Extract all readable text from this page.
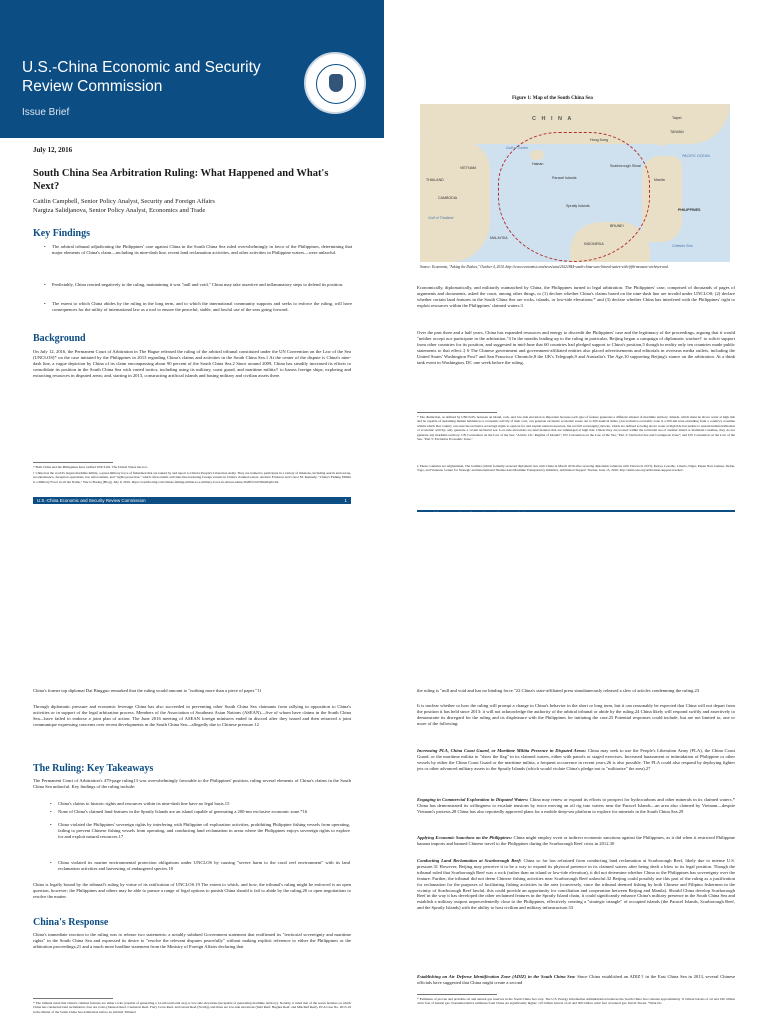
U.S.-China Economic and Security Review Commission
Issue Brief
July 12, 2016
South China Sea Arbitration Ruling: What Happened and What's Next?
Caitlin Campbell, Senior Policy Analyst, Security and Foreign Affairs
Nargiza Salidjanova, Senior Policy Analyst, Economics and Trade
Key Findings
• The arbitral tribunal adjudicating the Philippines' case against China in the South China Sea ruled overwhelmingly in favor of the Philippines, determining that major elements of China's claim—including its nine-dash line, recent land reclamation activities, and other activities in Philippine waters—were unlawful.
• Predictably, China reacted negatively to the ruling, maintaining it was "null and void." China may take assertive and inflammatory steps to defend its position.
• The extent to which China abides by the ruling in the long term, and to which the international community supports and seeks to enforce the ruling, will have consequences for the utility of international law as a tool to ensure the peaceful, stable, and lawful use of the seas going forward.
Background
On July 12, 2016, the Permanent Court of Arbitration in The Hague released the ruling of the arbitral tribunal constituted under the UN Convention on the Law of the Sea (UNCLOS)* on the case initiated by the Philippines in 2013 regarding China's claims and activities in the South China Sea.1 At the center of the dispute is China's nine-dash line, a vague depiction by China of its claim encompassing about 90 percent of the South China Sea.2 Since around 2009, China has steadily increased its efforts to consolidate its position in the South China Sea with varied tactics, including using its military, coast guard, and maritime militia† to harass foreign ships; exploring and extracting resources in disputed areas; and, starting in 2013, constructing artificial islands and basing military and civilian assets there.
* Both China and the Philippines have ratified UNCLOS. The United States has not.
† China has the world's largest maritime militia, a quasi-military force of fishermen that are tasked by and report to China's People's Liberation Army. They are trained to participate in a variety of missions, including search and rescue, reconnaissance, deception operations, law enforcement, and "rights protection," which often entails activities like harassing foreign vessels in China's claimed waters. Andrew Erickson and Conor M. Kennedy, "China's Fishing Militia is a Military Force in all but Name," War is Boring (Blog), July 9, 2016. https://warisboring.com/chinas-fishing-militia-is-a-military-force-in-all-but-name-5026f5cbd7d6#e8q2b104.
U.S.-China Economic and Security Review Commission	1
Figure 1: Map of the South China Sea
C H I N A
TAIWAN
Taipei
Hong Kong
Hainan
Gulf of Tonkin
VIETNAM
THAILAND
CAMBODIA
Gulf of Thailand
Paracel Islands
Scarborough Shoal
Manila
PACIFIC OCEAN
Spratly Islands
PHILIPPINES
BRUNEI
MALAYSIA
INDONESIA	Celebes Sea
Source: Economist, "Asking the Dashes," October 4, 2014. http://www.economist.com/news/asia/21621844-south-china-seas-littoral-states-with-fifth-measure-archives-and.
Economically, diplomatically, and militarily outmatched by China, the Philippines turned to legal arbitration. The Philippines' case, comprised of thousands of pages of arguments and documents, asked the court, among other things, to (1) declare whether China's claims based on the nine-dash line are invalid under UNCLOS; (2) declare whether certain land features in the South China Sea are rocks, islands, or low-tide elevations;* and (3) declare whether China has interfered with the Philippines' right to exploit resources within the Philippines' claimed waters.3
Over the past three and a half years, China has expanded resources and energy to discredit the Philippines' case and the legitimacy of the proceedings, arguing that it would "neither accept nor participate in the arbitration."4 In the months leading up to the ruling in particular, Beijing began a campaign of diplomatic warfare† to solicit support from other countries for its position, and suggested in mid-June that 60 countries had pledged support to China's position,5 though in reality only ten countries made public statements to that effect.‡ 6 The Chinese government and government-affiliated entities also placed advertisements and editorials in overseas media outlets, including the United States' Washington Post7 and San Francisco Chronicle,8 the UK's Telegraph,9 and Australia's The Age,10 supporting Beijing's stance on the arbitration. At a think tank event in Washington, DC one week before the ruling,
* The distinction, as defined by UNCLOS, between an island, rock, and low-tide elevation is important because each type of feature generates a different amount of maritime territory. Islands, which must be above water at high tide and be capable of sustaining human habitation or economic activity of their own, can generate exclusive economic zones out to 200 nautical miles. (An exclusive economic zone is a 200-nm zone extending from a country's coastline within which that country can exercise exclusive sovereign rights to explore for and exploit natural resources, but not full sovereignty.) Rocks, which are defined as being above water at high tide but unable to sustain human habitation or economic activity, only generate a 12-nm territorial sea. Low-tide elevations are land features that are submerged at high tide. Unless they are located within the territorial sea of another island or mainland coastline, they do not generate any maritime territory. UN Convention on the Law of the Sea, "Article 121: Regime of Islands"; UN Convention on the Law of the Sea, "Part 2: Territorial Sea and Contiguous Zone"; and UN Convention on the Law of the Sea, "Part 5: Exclusive Economic Zone."
‡ These countries are Afghanistan, The Gambia (which formally reversed diplomatic ties with China in March 2016 after severing diplomatic relations with Taiwan in 2013), Kenya, Lesotho, Liberia, Niger, Papua New Guinea, Sudan, Togo, and Vanuatu. Center for Strategic and International Studies Asia Maritime Transparency Initiative, Arbitration Support Tracker, June 15, 2016. http://amti.csis.org/arbitration-support-tracker/.
China's former top diplomat Dai Bingguo remarked that the ruling would amount to "nothing more than a piece of paper."11
Through diplomatic pressure and economic leverage China has also succeeded in preventing other South China Sea claimants from rallying in opposition to China's activities or in support of the legal arbitration process. Members of the Association of Southeast Asian Nations (ASEAN)—five of whom have claims in the South China Sea—have failed to endorse a joint plan of action. The June 2016 meeting of ASEAN foreign ministers ended in discord after they issued and then retracted a joint communique expressing concerns over recent developments in the South China Sea—allegedly due to Chinese pressure.12
The Ruling: Key Takeaways
The Permanent Court of Arbitration's 479-page ruling13 was overwhelmingly favorable to the Philippines' position, ruling several elements of China's claims in the South China Sea unlawful. Key findings of the ruling include:
• China's claims to historic rights and resources within its nine-dash line have no legal basis.15
• None of China's claimed land features in the Spratly Islands are an island capable of generating a 200-nm exclusive economic zone.*16
• China violated the Philippines' sovereign rights by interfering with Philippine oil exploration activities, prohibiting Philippine fishing vessels from operating, failing to prevent Chinese fishing vessels from operating, and conducting land reclamation in areas where the Philippines enjoys sovereign rights to explore for and exploit natural resources.17
• China violated its marine environmental protection obligations under UNCLOS by causing "severe harm to the coral reef environment" with its land reclamation activities and harvesting of endangered species.18
China is legally bound by the tribunal's ruling by virtue of its ratification of UNCLOS.19 The extent to which, and how, the tribunal's ruling might be enforced is an open question, however; the Philippines and others may be able to pursue a range of legal options to punish China should it fail to abide by the ruling,20 or open negotiations to resolve the matter.
China's Response
China's immediate reaction to the ruling was to release two statements: a notably subdued Government statement that reaffirmed its "territorial sovereignty and maritime rights" in the South China Sea and expressed its desire to "resolve the relevant disputes peacefully" without making explicit reference to either the Philippines or the arbitration proceedings,21 and a much more hardline statement from the Ministry of Foreign Affairs declaring that
* The tribunal ruled that China's claimed features are either rocks (capable of generating a 12-nm territorial sea) or low-tide elevations (incapable of generating maritime territory). Notably, it ruled that of the seven features on which China has conducted land reclamation, four are rocks (Johnson Reef, Cuarteron Reef, Fiery Cross Reef, and Gaven Reef (North)), and three are low-tide elevations (Subi Reef, Hughes Reef, and Mischief Reef). PCA Case No. 2013-19 in the Matter of the South China Sea Arbitration before an Arbitral Tribunal
the ruling is "null and void and has no binding force."22 China's state-affiliated press simultaneously released a slew of articles condemning the ruling.23
It is unclear whether or how the ruling will prompt a change in China's behavior in the short or long term, but it can reasonably be expected that China will not depart from the position it has held since 2013: it will not acknowledge the authority of the arbitral tribunal or abide by the ruling.24 China likely will respond swiftly and assertively to demonstrate its disregard for the ruling and its displeasure with the Philippines for initiating the case.25 Potential responses could include, but are not limited to, one or more of the following:
Increasing PLA, China Coast Guard, or Maritime Militia Presence in Disputed Areas: China may seek to use the People's Liberation Army (PLA), the China Coast Guard, or the maritime militia to "show the flag" in its claimed waters, either with patrols or staged exercises. Increased harassment or intimidation of Philippine or other vessels by either the China Coast Guard or the maritime militia, a frequent occurrence in recent years,26 is also possible. The PLA could also respond by deploying fighter jets or other advanced military assets to the Spratly Islands (which would violate China's pledge not to "militarize" the area).27
Engaging in Commercial Exploration in Disputed Waters: China may renew or expand its efforts to prospect for hydrocarbons and other minerals in its claimed waters.* China has demonstrated its willingness to escalate tensions by twice moving an oil rig into waters near the Paracel Islands—an area also claimed by Vietnam—despite Vietnam's protests.28 China has also reportedly approved plans for a mobile deep-sea platform to explore for minerals in the South China Sea.29
Applying Economic Sanctions on the Philippines: China might employ overt or indirect economic sanctions against the Philippines, as it did when it restricted Philippine banana imports and banned Chinese travel to the Philippines during the Scarborough Reef crisis in 2012.30
Conducting Land Reclamation at Scarborough Reef: China so far has refrained from conducting land reclamation at Scarborough Reef, likely due to intense U.S. pressure.31 However, Beijing may perceive it to be a way to expand its physical presence in its claimed waters after being dealt a blow to its legal position. Though the tribunal ruled that Scarborough Reef was a rock (rather than an island or low-tide elevation), it did not determine whether China or the Philippines has sovereignty over the feature. Further, the tribunal did not deem Chinese fishing activities near Scarborough Reef unlawful.32 Beijing could possibly use this part of the ruling as a justification for reclamation for the purposes of facilitating fishing activities in the area (conversely, since the tribunal deemed fishing by both Chinese and Filipino fishermen in the vicinity of Scarborough Reef lawful, this could provide an opportunity for conciliation and cooperation between Beijing and Manila). Should China develop Scarborough Reef in the way it has developed the other reclaimed features in the Spratly Island chain, it could significantly enhance China's military presence in the South China Sea and establish a military outpost unprecedentedly close to the Philippines, effectively creating a "strategic triangle" of occupied islands (the Paracel Islands, Scarborough Reef, and the Spratly Islands) with the ability to host civilian and military infrastructure.33
Establishing an Air Defense Identification Zone (ADIZ) in the South China Sea: Since China established an ADIZ† in the East China Sea in 2013, several Chinese officials have suggested that China might create a second
* Estimates of proven and probable oil and natural gas reserves in the South China Sea vary. The U.S. Energy Information Administration believes the South China Sea contains approximately 11 billion barrels of oil and 190 trillion cubic feet of natural gas. Nonauthoritative estimates from China are significantly higher: 125 billion barrels of oil and 500 trillion cubic feet of natural gas. David Tweed, "What Do
